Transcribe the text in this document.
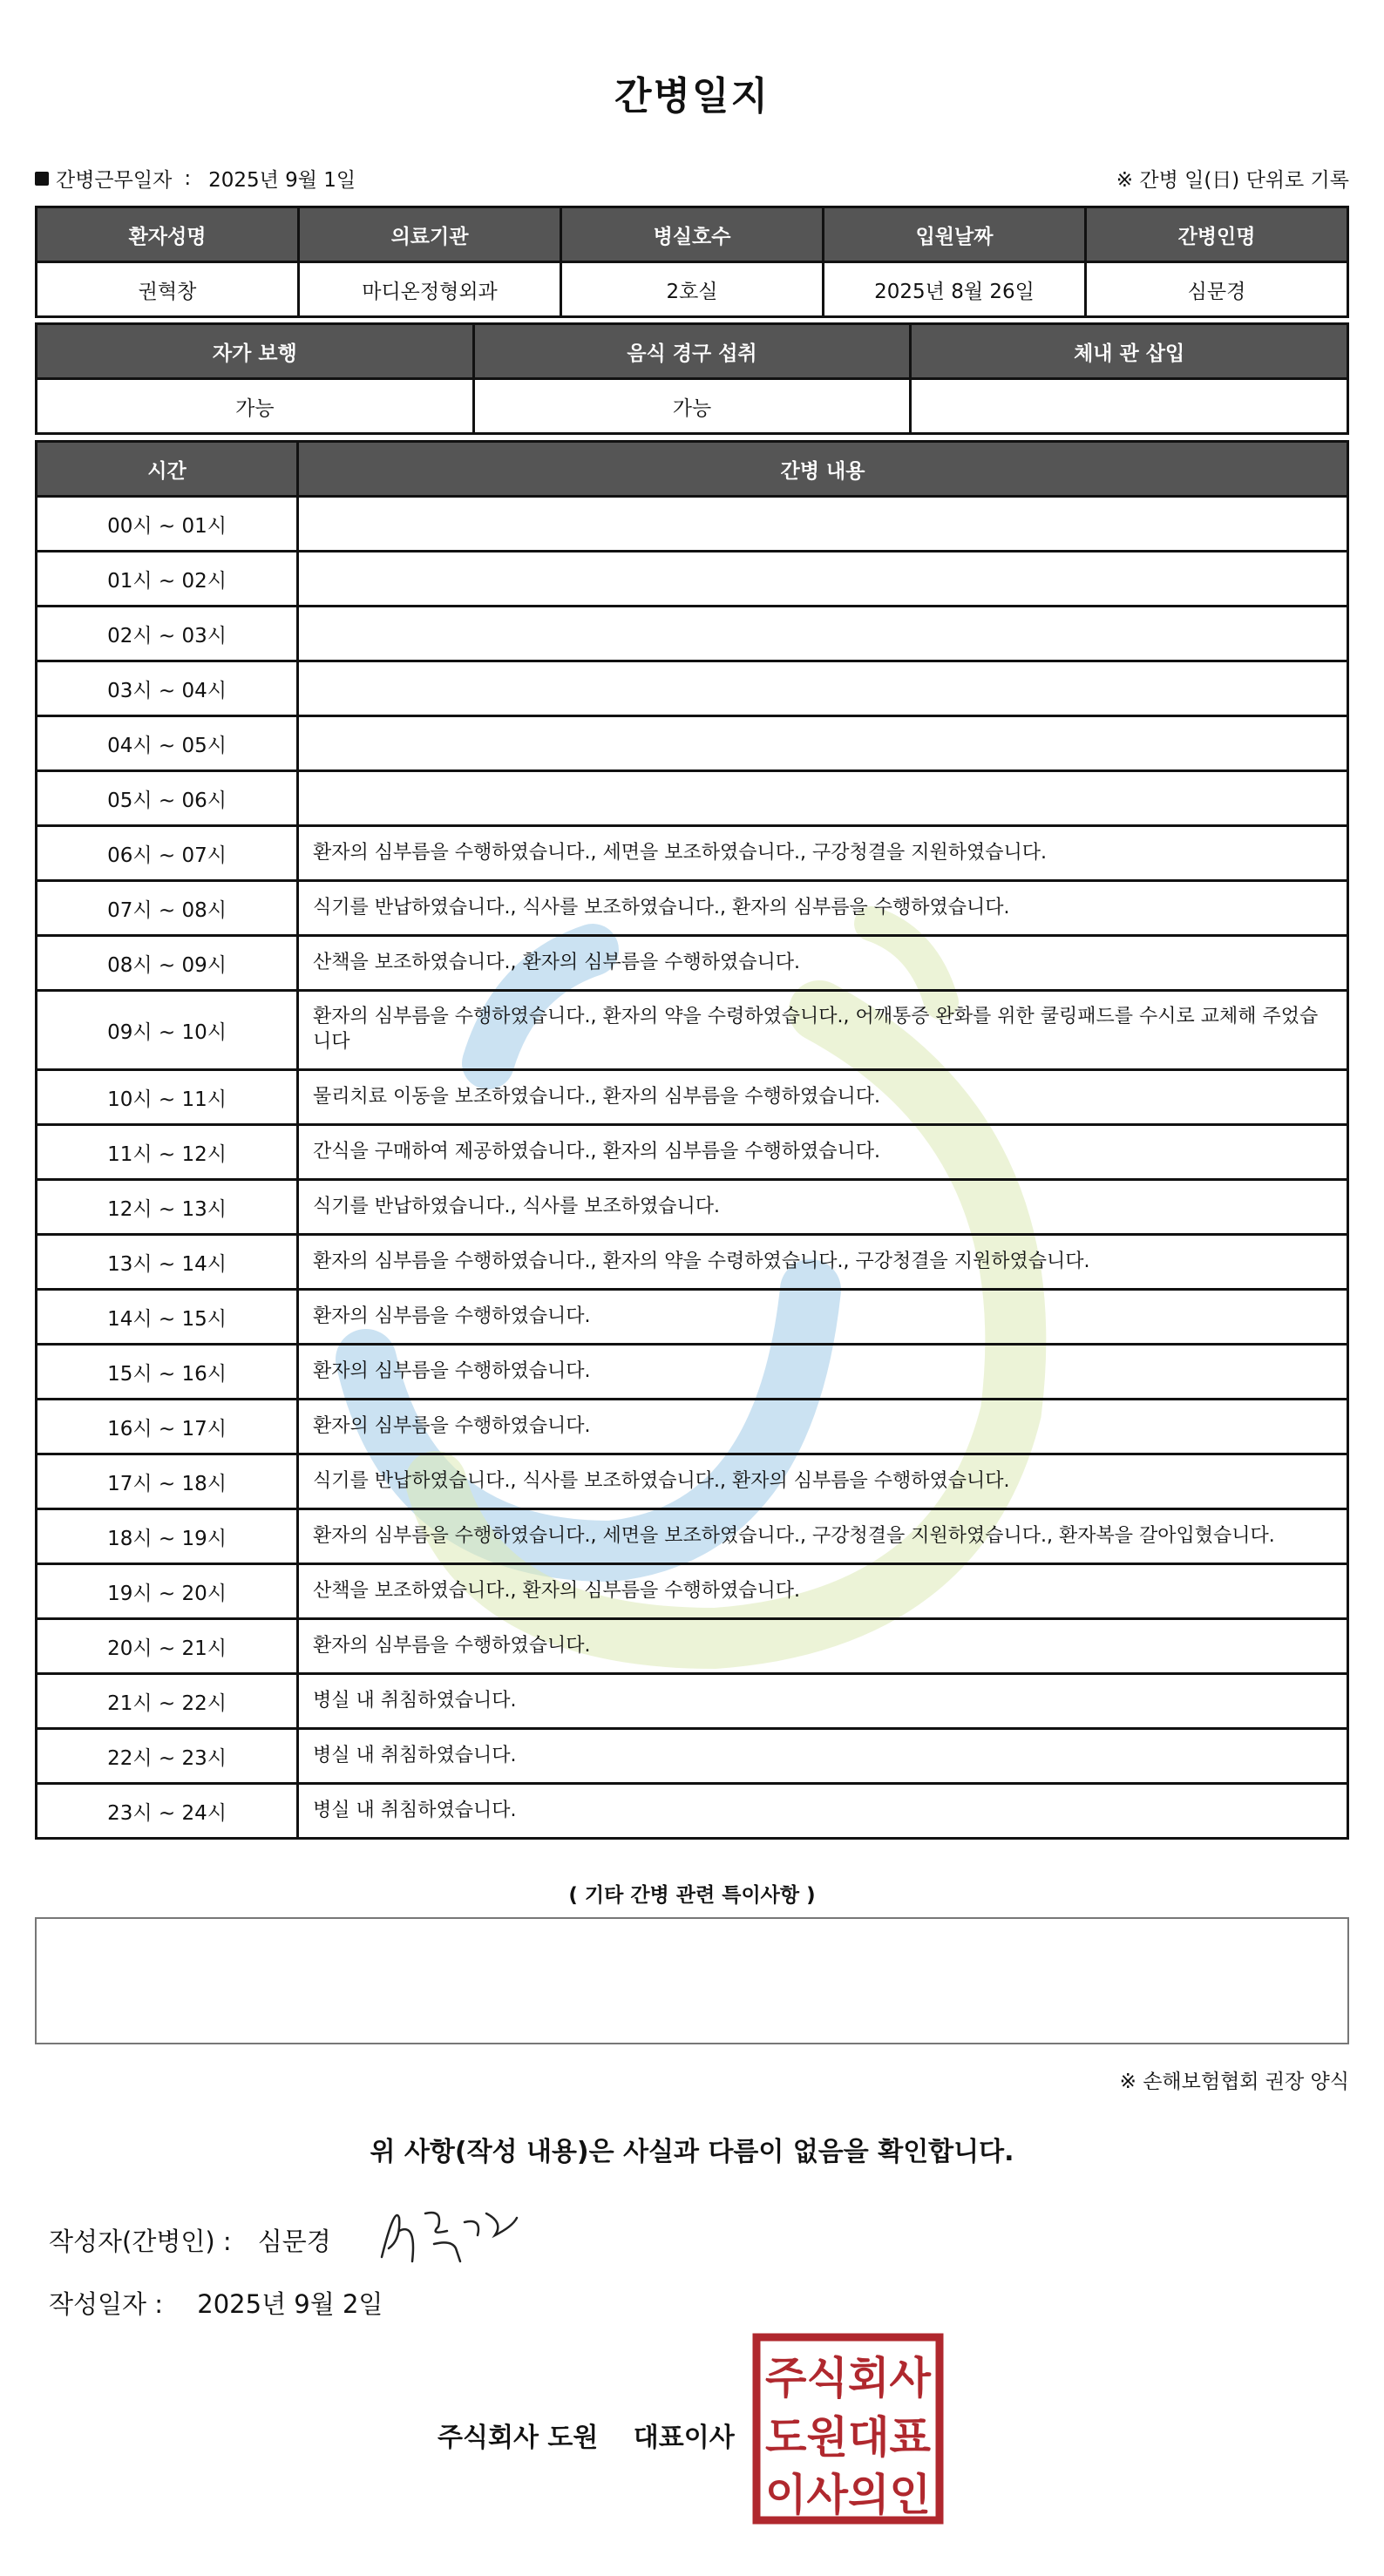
간병일지
간병근무일자 : 2025년 9월 1일	※ 간병 일(日) 단위로 기록
환자성명	의료기관	병실호수	입원날짜	간병인명
권혁창	마디온정형외과	2호실	2025년 8월 26일	심문경
자가 보행	음식 경구 섭취	체내 관 삽입
가능	가능	
시간	간병 내용
00시 ~ 01시	
01시 ~ 02시	
02시 ~ 03시	
03시 ~ 04시	
04시 ~ 05시	
05시 ~ 06시	
06시 ~ 07시	환자의 심부름을 수행하였습니다., 세면을 보조하였습니다., 구강청결을 지원하였습니다.
07시 ~ 08시	식기를 반납하였습니다., 식사를 보조하였습니다., 환자의 심부름을 수행하였습니다.
08시 ~ 09시	산책을 보조하였습니다., 환자의 심부름을 수행하였습니다.
09시 ~ 10시	환자의 심부름을 수행하였습니다., 환자의 약을 수령하였습니다., 어깨통증 완화를 위한 쿨링패드를 수시로 교체해 주었습니다
10시 ~ 11시	물리치료 이동을 보조하였습니다., 환자의 심부름을 수행하였습니다.
11시 ~ 12시	간식을 구매하여 제공하였습니다., 환자의 심부름을 수행하였습니다.
12시 ~ 13시	식기를 반납하였습니다., 식사를 보조하였습니다.
13시 ~ 14시	환자의 심부름을 수행하였습니다., 환자의 약을 수령하였습니다., 구강청결을 지원하였습니다.
14시 ~ 15시	환자의 심부름을 수행하였습니다.
15시 ~ 16시	환자의 심부름을 수행하였습니다.
16시 ~ 17시	환자의 심부름을 수행하였습니다.
17시 ~ 18시	식기를 반납하였습니다., 식사를 보조하였습니다., 환자의 심부름을 수행하였습니다.
18시 ~ 19시	환자의 심부름을 수행하였습니다., 세면을 보조하였습니다., 구강청결을 지원하였습니다., 환자복을 갈아입혔습니다.
19시 ~ 20시	산책을 보조하였습니다., 환자의 심부름을 수행하였습니다.
20시 ~ 21시	환자의 심부름을 수행하였습니다.
21시 ~ 22시	병실 내 취침하였습니다.
22시 ~ 23시	병실 내 취침하였습니다.
23시 ~ 24시	병실 내 취침하였습니다.
( 기타 간병 관련 특이사항 )
※ 손해보험협회 권장 양식
위 사항(작성 내용)은 사실과 다름이 없음을 확인합니다.
작성자(간병인) : 심문경
작성일자 : 2025년 9월 2일
주식회사 도원 대표이사
주식회사
도원대표
이사의인
